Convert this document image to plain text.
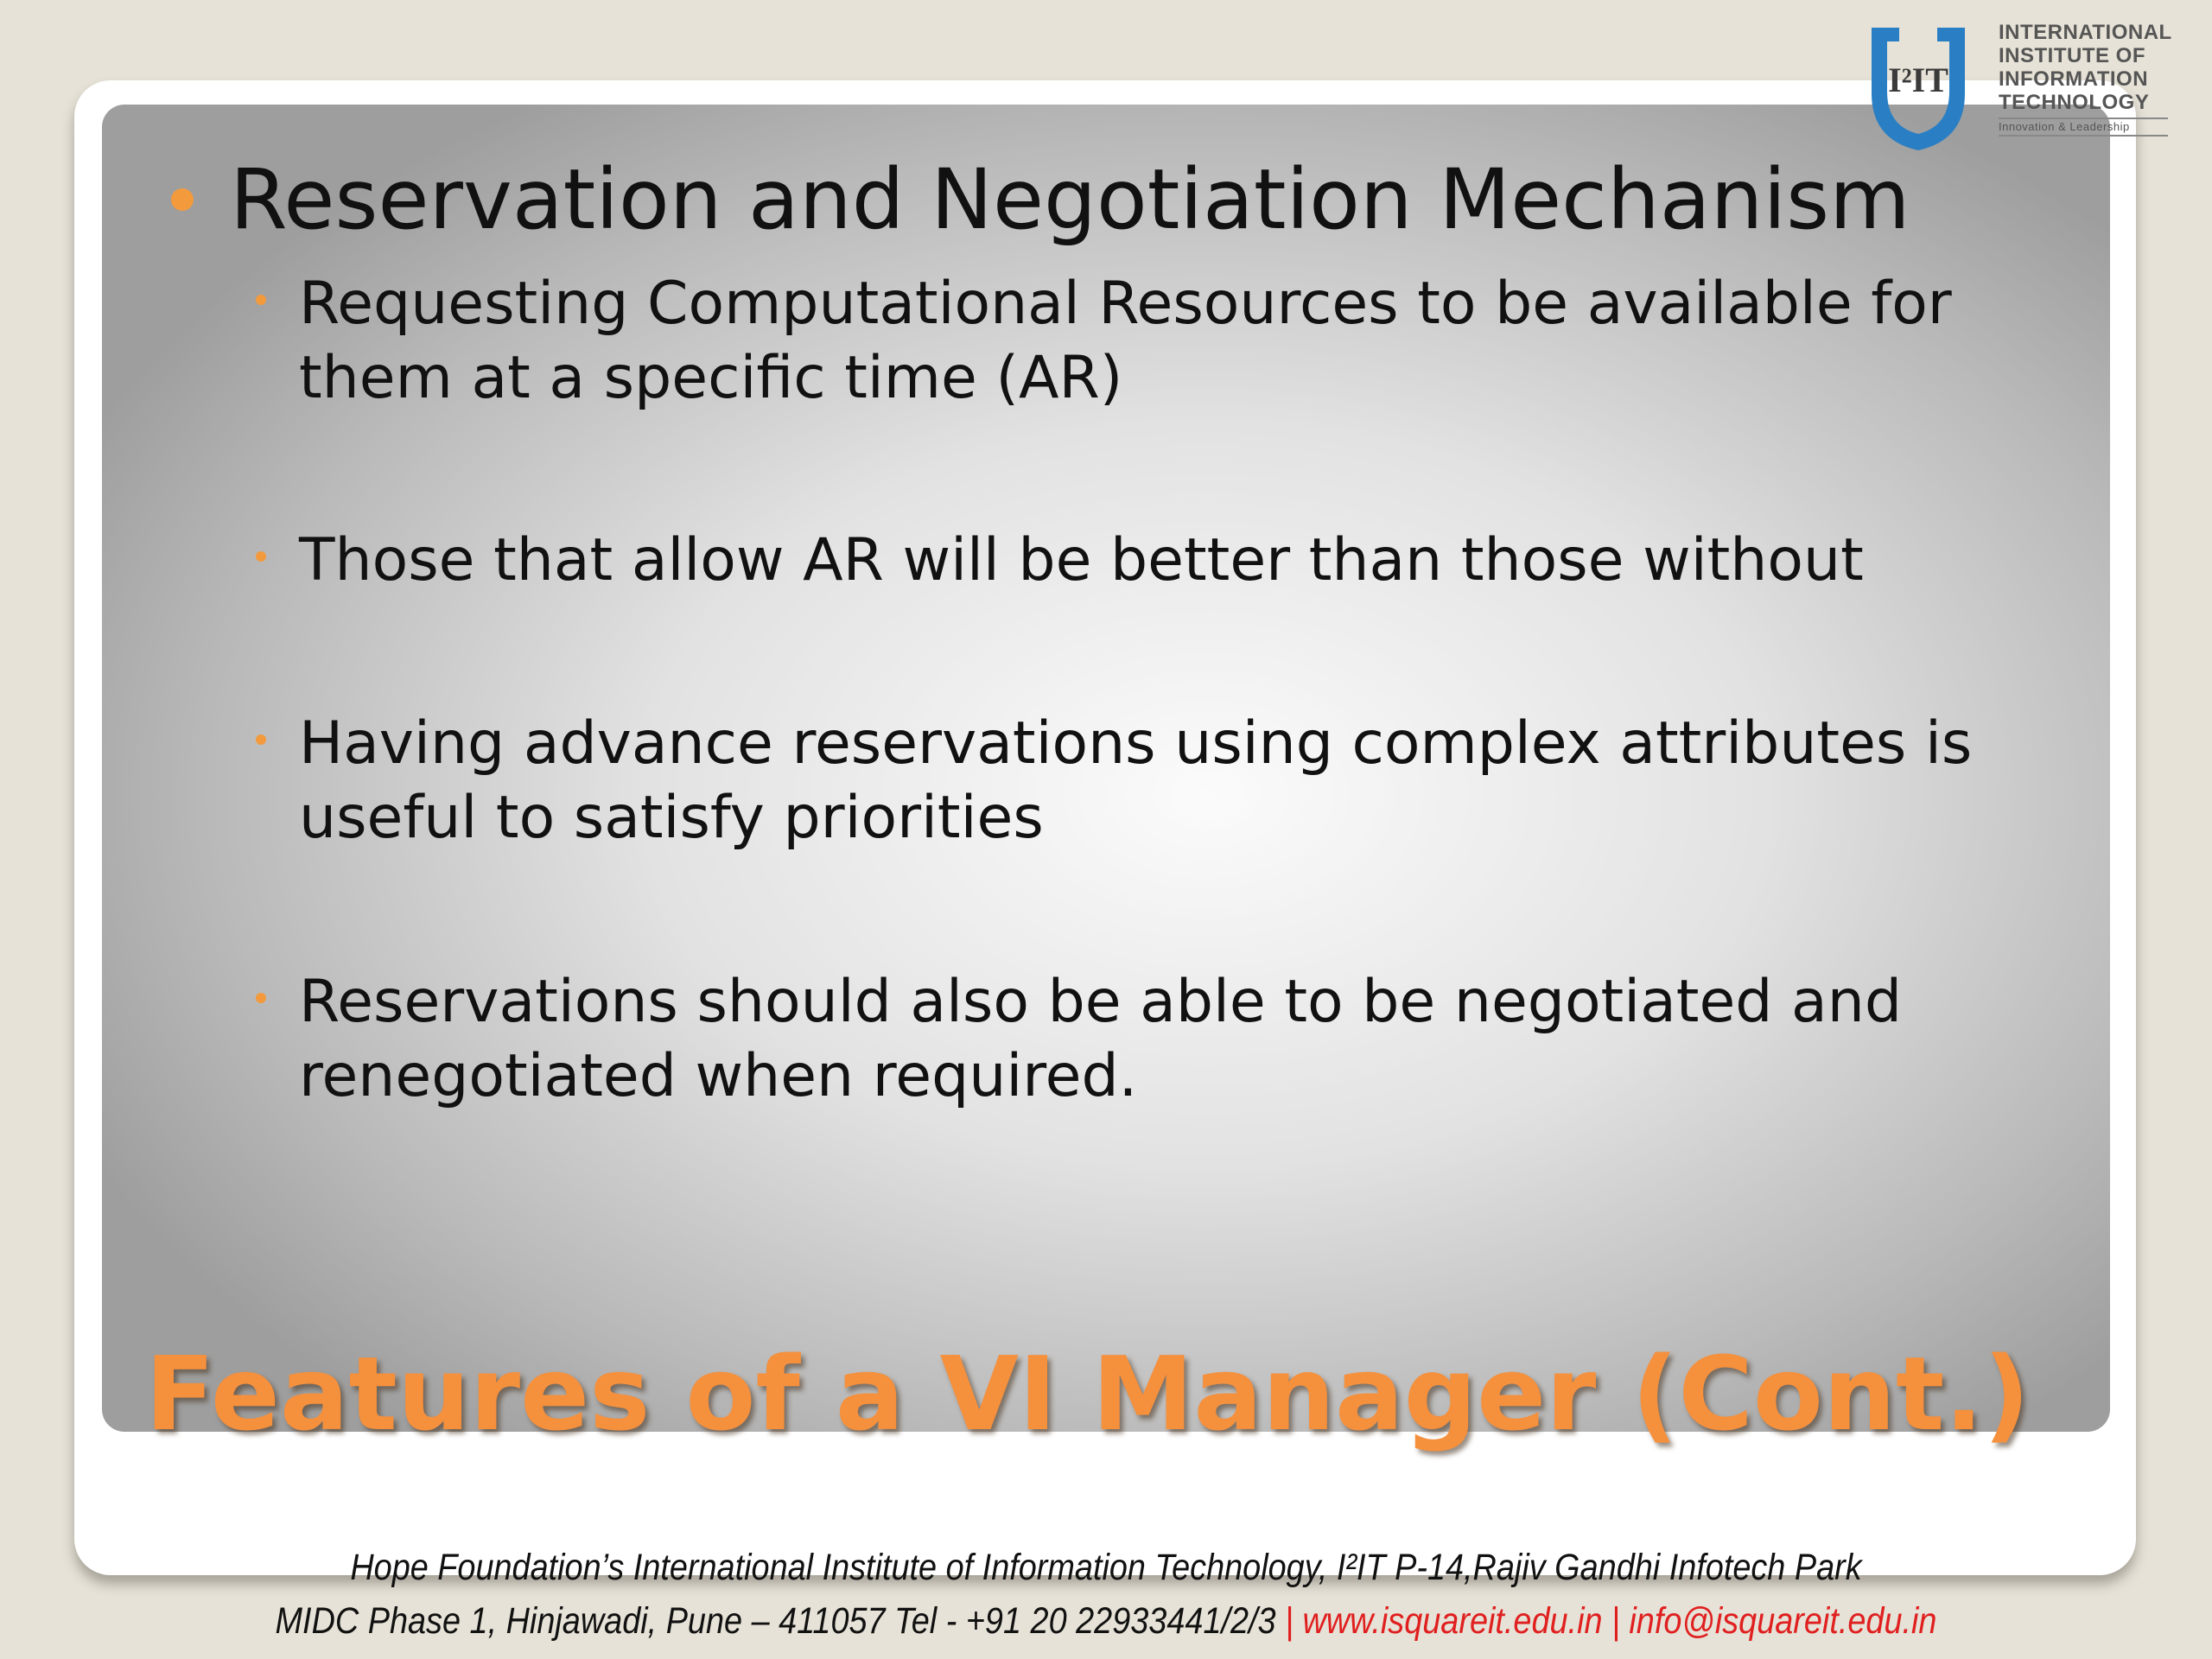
I²IT
INTERNATIONAL
INSTITUTE OF
INFORMATION
TECHNOLOGY
Innovation & Leadership
Reservation and Negotiation Mechanism
Requesting Computational Resources to be available for
them at a specific time (AR)
Those that allow AR will be better than those without
Having advance reservations using complex attributes is
useful to satisfy priorities
Reservations should also be able to be negotiated and
renegotiated when required.
Features of a VI Manager (Cont.)
Hope Foundation’s International Institute of Information Technology, I²IT P-14,Rajiv Gandhi Infotech Park
MIDC Phase 1, Hinjawadi, Pune – 411057 Tel - +91 20 22933441/2/3 | www.isquareit.edu.in | info@isquareit.edu.in
